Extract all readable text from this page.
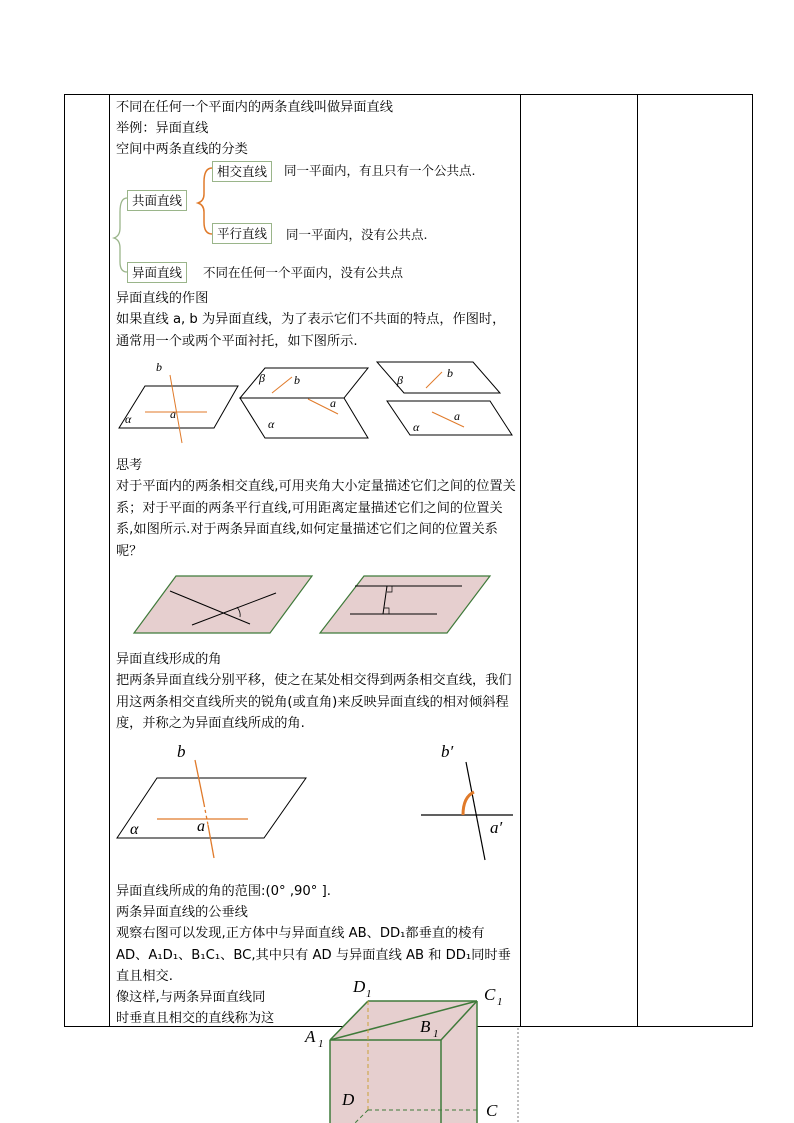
不同在任何一个平面内的两条直线叫做异面直线
举例：异面直线
空间中两条直线的分类
共面直线
相交直线	同一平面内，有且只有一个公共点.
平行直线	同一平面内，没有公共点.
异面直线	不同在任何一个平面内，没有公共点
异面直线的作图
如果直线 a, b 为异面直线，为了表示它们不共面的特点，作图时，通常用一个或两个平面衬托，如下图所示.
b
α	a
β b
a
α
β	b
a
α
思考
对于平面内的两条相交直线,可用夹角大小定量描述它们之间的位置关系；对于平面的两条平行直线,可用距离定量描述它们之间的位置关系,如图所示.对于两条异面直线,如何定量描述它们之间的位置关系呢？
异面直线形成的角
把两条异面直线分别平移，使之在某处相交得到两条相交直线，我们用这两条相交直线所夹的锐角(或直角)来反映异面直线的相对倾斜程度，并称之为异面直线所成的角.
b
α	a
b′
a′
异面直线所成的角的范围:(0° ,90° ].
两条异面直线的公垂线
观察右图可以发现,正方体中与异面直线 AB、DD₁都垂直的棱有AD、A₁D₁、B₁C₁、BC,其中只有 AD 与异面直线 AB 和 DD₁同时垂直且相交.
像这样,与两条异面直线同
时垂直且相交的直线称为这
D 1	C 1
A 1
B 1
D
C
